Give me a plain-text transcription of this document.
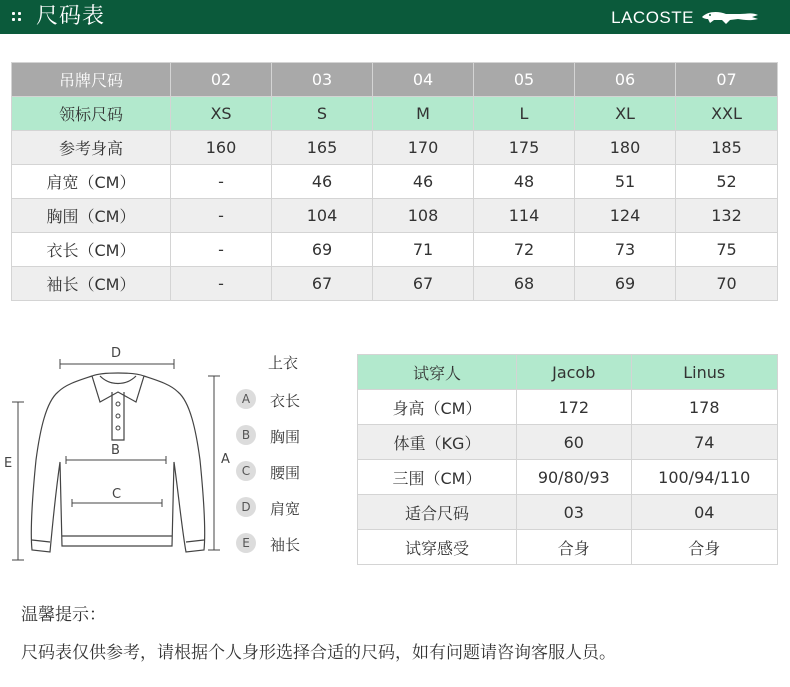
尺码表	LACOSTE
吊牌尺码	02	03	04	05	06	07
领标尺码	XS	S	M	L	XL	XXL
参考身高	160	165	170	175	180	185
肩宽（CM）	-	46	46	48	51	52
胸围（CM）	-	104	108	114	124	132
衣长（CM）	-	69	71	72	73	75
袖长（CM）	-	67	67	68	69	70
D
B
C
A
E
上衣
A	衣长
B	胸围
C	腰围
D	肩宽
E	袖长
试穿人	Jacob	Linus
身高（CM）	172	178
体重（KG）	60	74
三围（CM）	90/80/93	100/94/110
适合尺码	03	04
试穿感受	合身	合身
温馨提示：
尺码表仅供参考，请根据个人身形选择合适的尺码，如有问题请咨询客服人员。
